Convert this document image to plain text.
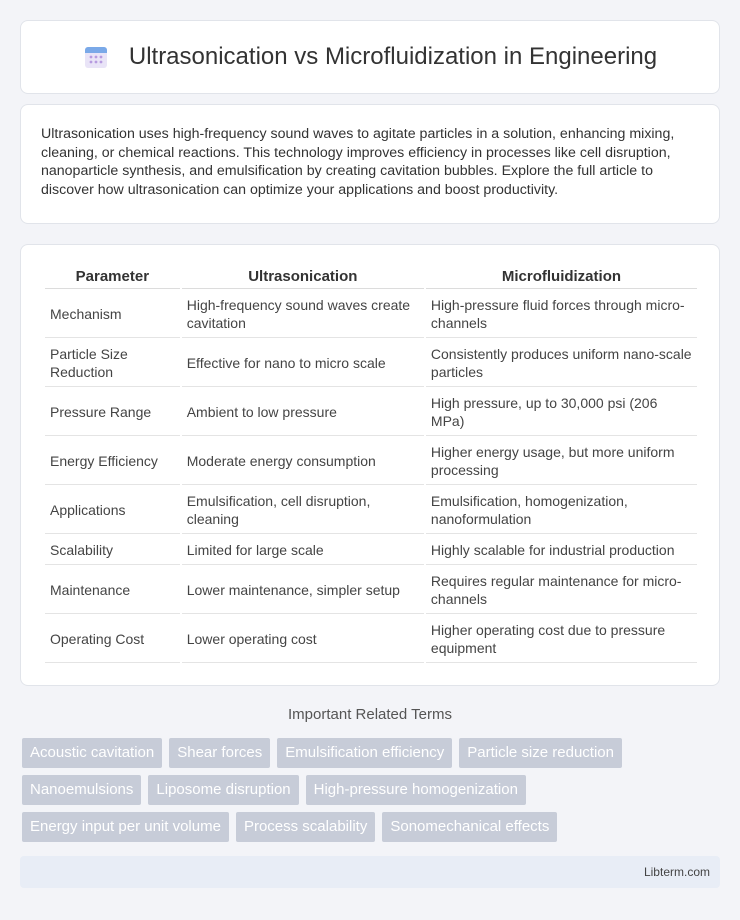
Ultrasonication vs Microfluidization in Engineering

Ultrasonication uses high-frequency sound waves to agitate particles in a solution, enhancing mixing, cleaning, or chemical reactions. This technology improves efficiency in processes like cell disruption, nanoparticle synthesis, and emulsification by creating cavitation bubbles. Explore the full article to discover how ultrasonication can optimize your applications and boost productivity.

Parameter	Ultrasonication	Microfluidization
Mechanism	High-frequency sound waves create cavitation	High-pressure fluid forces through micro-channels
Particle Size Reduction	Effective for nano to micro scale	Consistently produces uniform nano-scale particles
Pressure Range	Ambient to low pressure	High pressure, up to 30,000 psi (206 MPa)
Energy Efficiency	Moderate energy consumption	Higher energy usage, but more uniform processing
Applications	Emulsification, cell disruption, cleaning	Emulsification, homogenization, nanoformulation
Scalability	Limited for large scale	Highly scalable for industrial production
Maintenance	Lower maintenance, simpler setup	Requires regular maintenance for micro-channels
Operating Cost	Lower operating cost	Higher operating cost due to pressure equipment
Important Related Terms
Acoustic cavitation	Shear forces	Emulsification efficiency	Particle size reduction
Nanoemulsions	Liposome disruption	High-pressure homogenization
Energy input per unit volume	Process scalability	Sonomechanical effects
Libterm.com
